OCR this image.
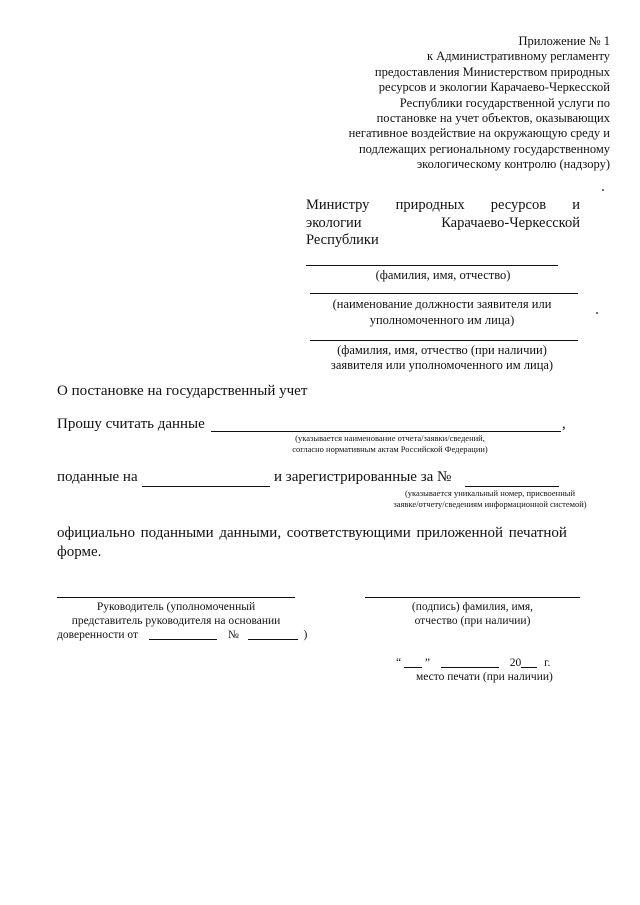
Приложение № 1
к Административному регламенту
предоставления Министерством природных
ресурсов и экологии Карачаево-Черкесской
Республики государственной услуги по
постановке на учет объектов, оказывающих
негативное воздействие на окружающую среду и
подлежащих региональному государственному
экологическому контролю (надзору)
Министру природных ресурсов и
экологии	Карачаево-Черкесской
Республики
(фамилия, имя, отчество)
(наименование должности заявителя или
уполномоченного им лица)
(фамилия, имя, отчество (при наличии)
заявителя или уполномоченного им лица)
О постановке на государственный учет
Прошу считать данные	,
(указывается наименование отчета/заявки/сведений,
согласно нормативным актам Российской Федерации)
поданные на	и зарегистрированные за №
(указывается уникальный номер, присвоенный
заявке/отчету/сведениям информационной системой)
официально поданными данными, соответствующими приложенной печатной
форме.
Руководитель (уполномоченный
представитель руководителя на основании
доверенности от	№	)
(подпись) фамилия, имя,
отчество (при наличии)
“ ”	20 г.
место печати (при наличии)
